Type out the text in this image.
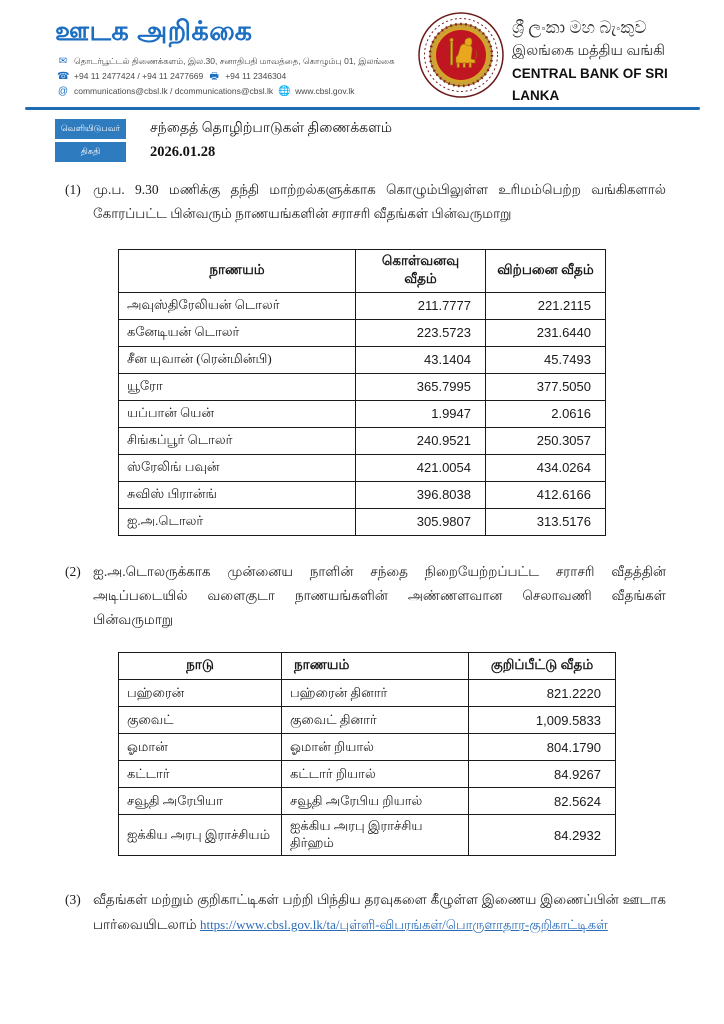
ஊடக அறிக்கை
✉ தொடர்பூட்டல் திணைக்களம், இல.30, சனாதிபதி மாவத்தை, கொழும்பு 01, இலங்கை
☎ +94 11 2477424 / +94 11 2477669 🖶 +94 11 2346304
@ communications@cbsl.lk / dcommunications@cbsl.lk 🌐 www.cbsl.gov.lk
ශ්‍රී ලංකා මහ බැංකුව
இலங்கை மத்திய வங்கி
CENTRAL BANK OF SRI LANKA
வெளியிடுபவர்	சந்தைத் தொழிற்பாடுகள் திணைக்களம்
திகதி	2026.01.28
(1) மு.ப. 9.30 மணிக்கு தந்தி மாற்றல்களுக்காக கொழும்பிலுள்ள உரிமம்பெற்ற வங்கிகளால் கோரப்பட்ட பின்வரும் நாணயங்களின் சராசரி வீதங்கள் பின்வருமாறு
நாணயம்	கொள்வனவு வீதம்	விற்பனை வீதம்
அவுஸ்திரேலியன் டொலர்	211.7777	221.2115
கனேடியன் டொலர்	223.5723	231.6440
சீன யுவான் (ரென்மின்பி)	43.1404	45.7493
யூரோ	365.7995	377.5050
யப்பான் யென்	1.9947	2.0616
சிங்கப்பூர் டொலர்	240.9521	250.3057
ஸ்ரேலிங் பவுன்	421.0054	434.0264
சுவிஸ் பிரான்ங்	396.8038	412.6166
ஐ.அ.டொலர்	305.9807	313.5176
(2) ஐ.அ.டொலருக்காக முன்னைய நாளின் சந்தை நிறையேற்றப்பட்ட சராசரி வீதத்தின் அடிப்படையில் வளைகுடா நாணயங்களின் அண்ணளவான செலாவணி வீதங்கள் பின்வருமாறு
நாடு	நாணயம்	குறிப்பீட்டு வீதம்
பஹ்ரைன்	பஹ்ரைன் தினார்	821.2220
குவைட்	குவைட் தினார்	1,009.5833
ஓமான்	ஓமான் றியால்	804.1790
கட்டார்	கட்டார் றியால்	84.9267
சவூதி அரேபியா	சவூதி அரேபிய றியால்	82.5624
ஐக்கிய அரபு இராச்சியம்	ஐக்கிய அரபு இராச்சிய திர்ஹம்	84.2932
(3) வீதங்கள் மற்றும் குறிகாட்டிகள் பற்றி பிந்திய தரவுகளை கீழுள்ள இணைய இணைப்பின் ஊடாக பார்வையிடலாம் https://www.cbsl.gov.lk/ta/புள்ளி-விபரங்கள்/பொருளாதார-குறிகாட்டிகள்
